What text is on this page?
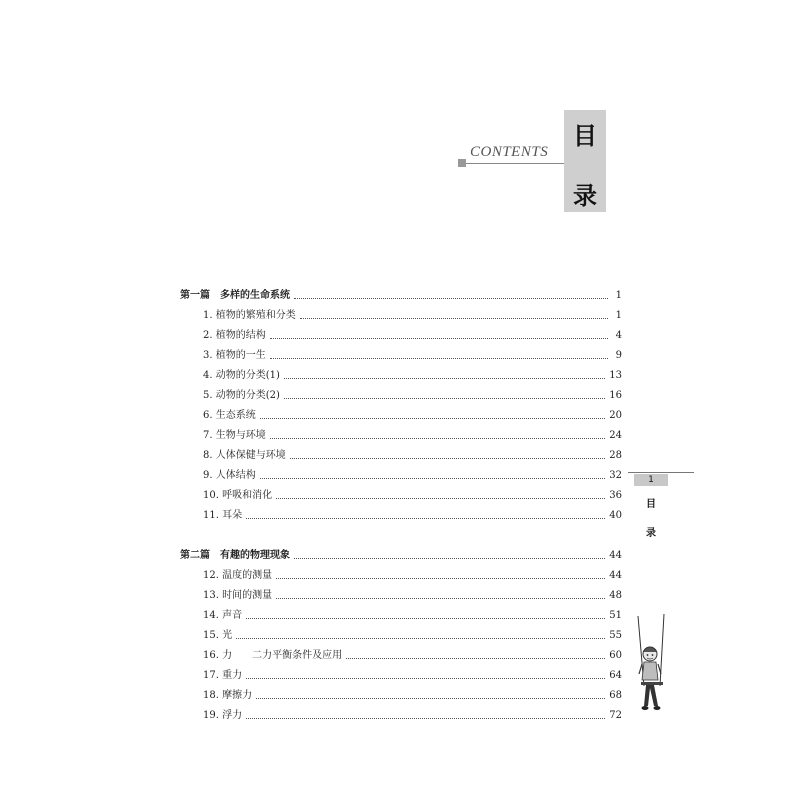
CONTENTS
目
录
第一篇　多样的生命系统	1
1. 植物的繁殖和分类	1
2. 植物的结构	4
3. 植物的一生	9
4. 动物的分类(1)	13
5. 动物的分类(2)	16
6. 生态系统	20
7. 生物与环境	24
8. 人体保健与环境	28
9. 人体结构	32
10. 呼吸和消化	36
11. 耳朵	40
第二篇　有趣的物理现象	44
12. 温度的测量	44
13. 时间的测量	48
14. 声音	51
15. 光	55
16. 力　　二力平衡条件及应用	60
17. 重力	64
18. 摩擦力	68
19. 浮力	72
1
目
录
